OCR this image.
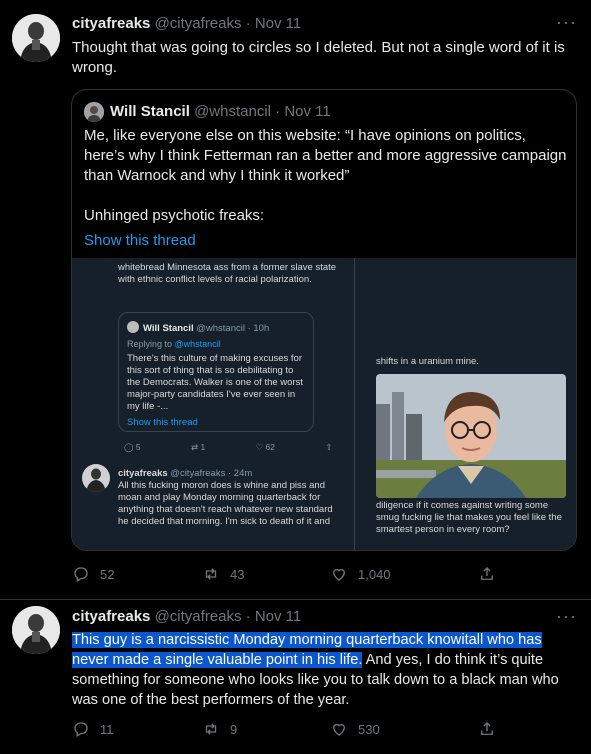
cityafreaks @cityafreaks · Nov 11	···
Thought that was going to circles so I deleted. But not a single word of it is wrong.
Will Stancil @whstancil · Nov 11
Me, like everyone else on this website: “I have opinions on politics, here’s why I think Fetterman ran a better and more aggressive campaign than Warnock and why I think it worked”
Unhinged psychotic freaks:
Show this thread
whitebread Minnesota ass from a former slave state with ethnic conflict levels of racial polarization.
Will Stancil @whstancil · 10h
Replying to @whstancil
There's this culture of making excuses for this sort of thing that is so debilitating to the Democrats. Walker is one of the worst major-party candidates I've ever seen in my life -...
Show this thread
◯ 5	⇄ 1	♡ 62	⇧
cityafreaks @cityafreaks · 24m
All this fucking moron does is whine and piss and moan and play Monday morning quarterback for anything that doesn't reach whatever new standard he decided that morning. I'm sick to death of it and
shifts in a uranium mine.
diligence if it comes against writing some smug fucking lie that makes you feel like the smartest person in every room?
52	43	1,040
cityafreaks @cityafreaks · Nov 11	···
This guy is a narcissistic Monday morning quarterback knowitall who has never made a single valuable point in his life. And yes, I do think it’s quite something for someone who looks like you to talk down to a black man who was one of the best performers of the year.
11	9	530
